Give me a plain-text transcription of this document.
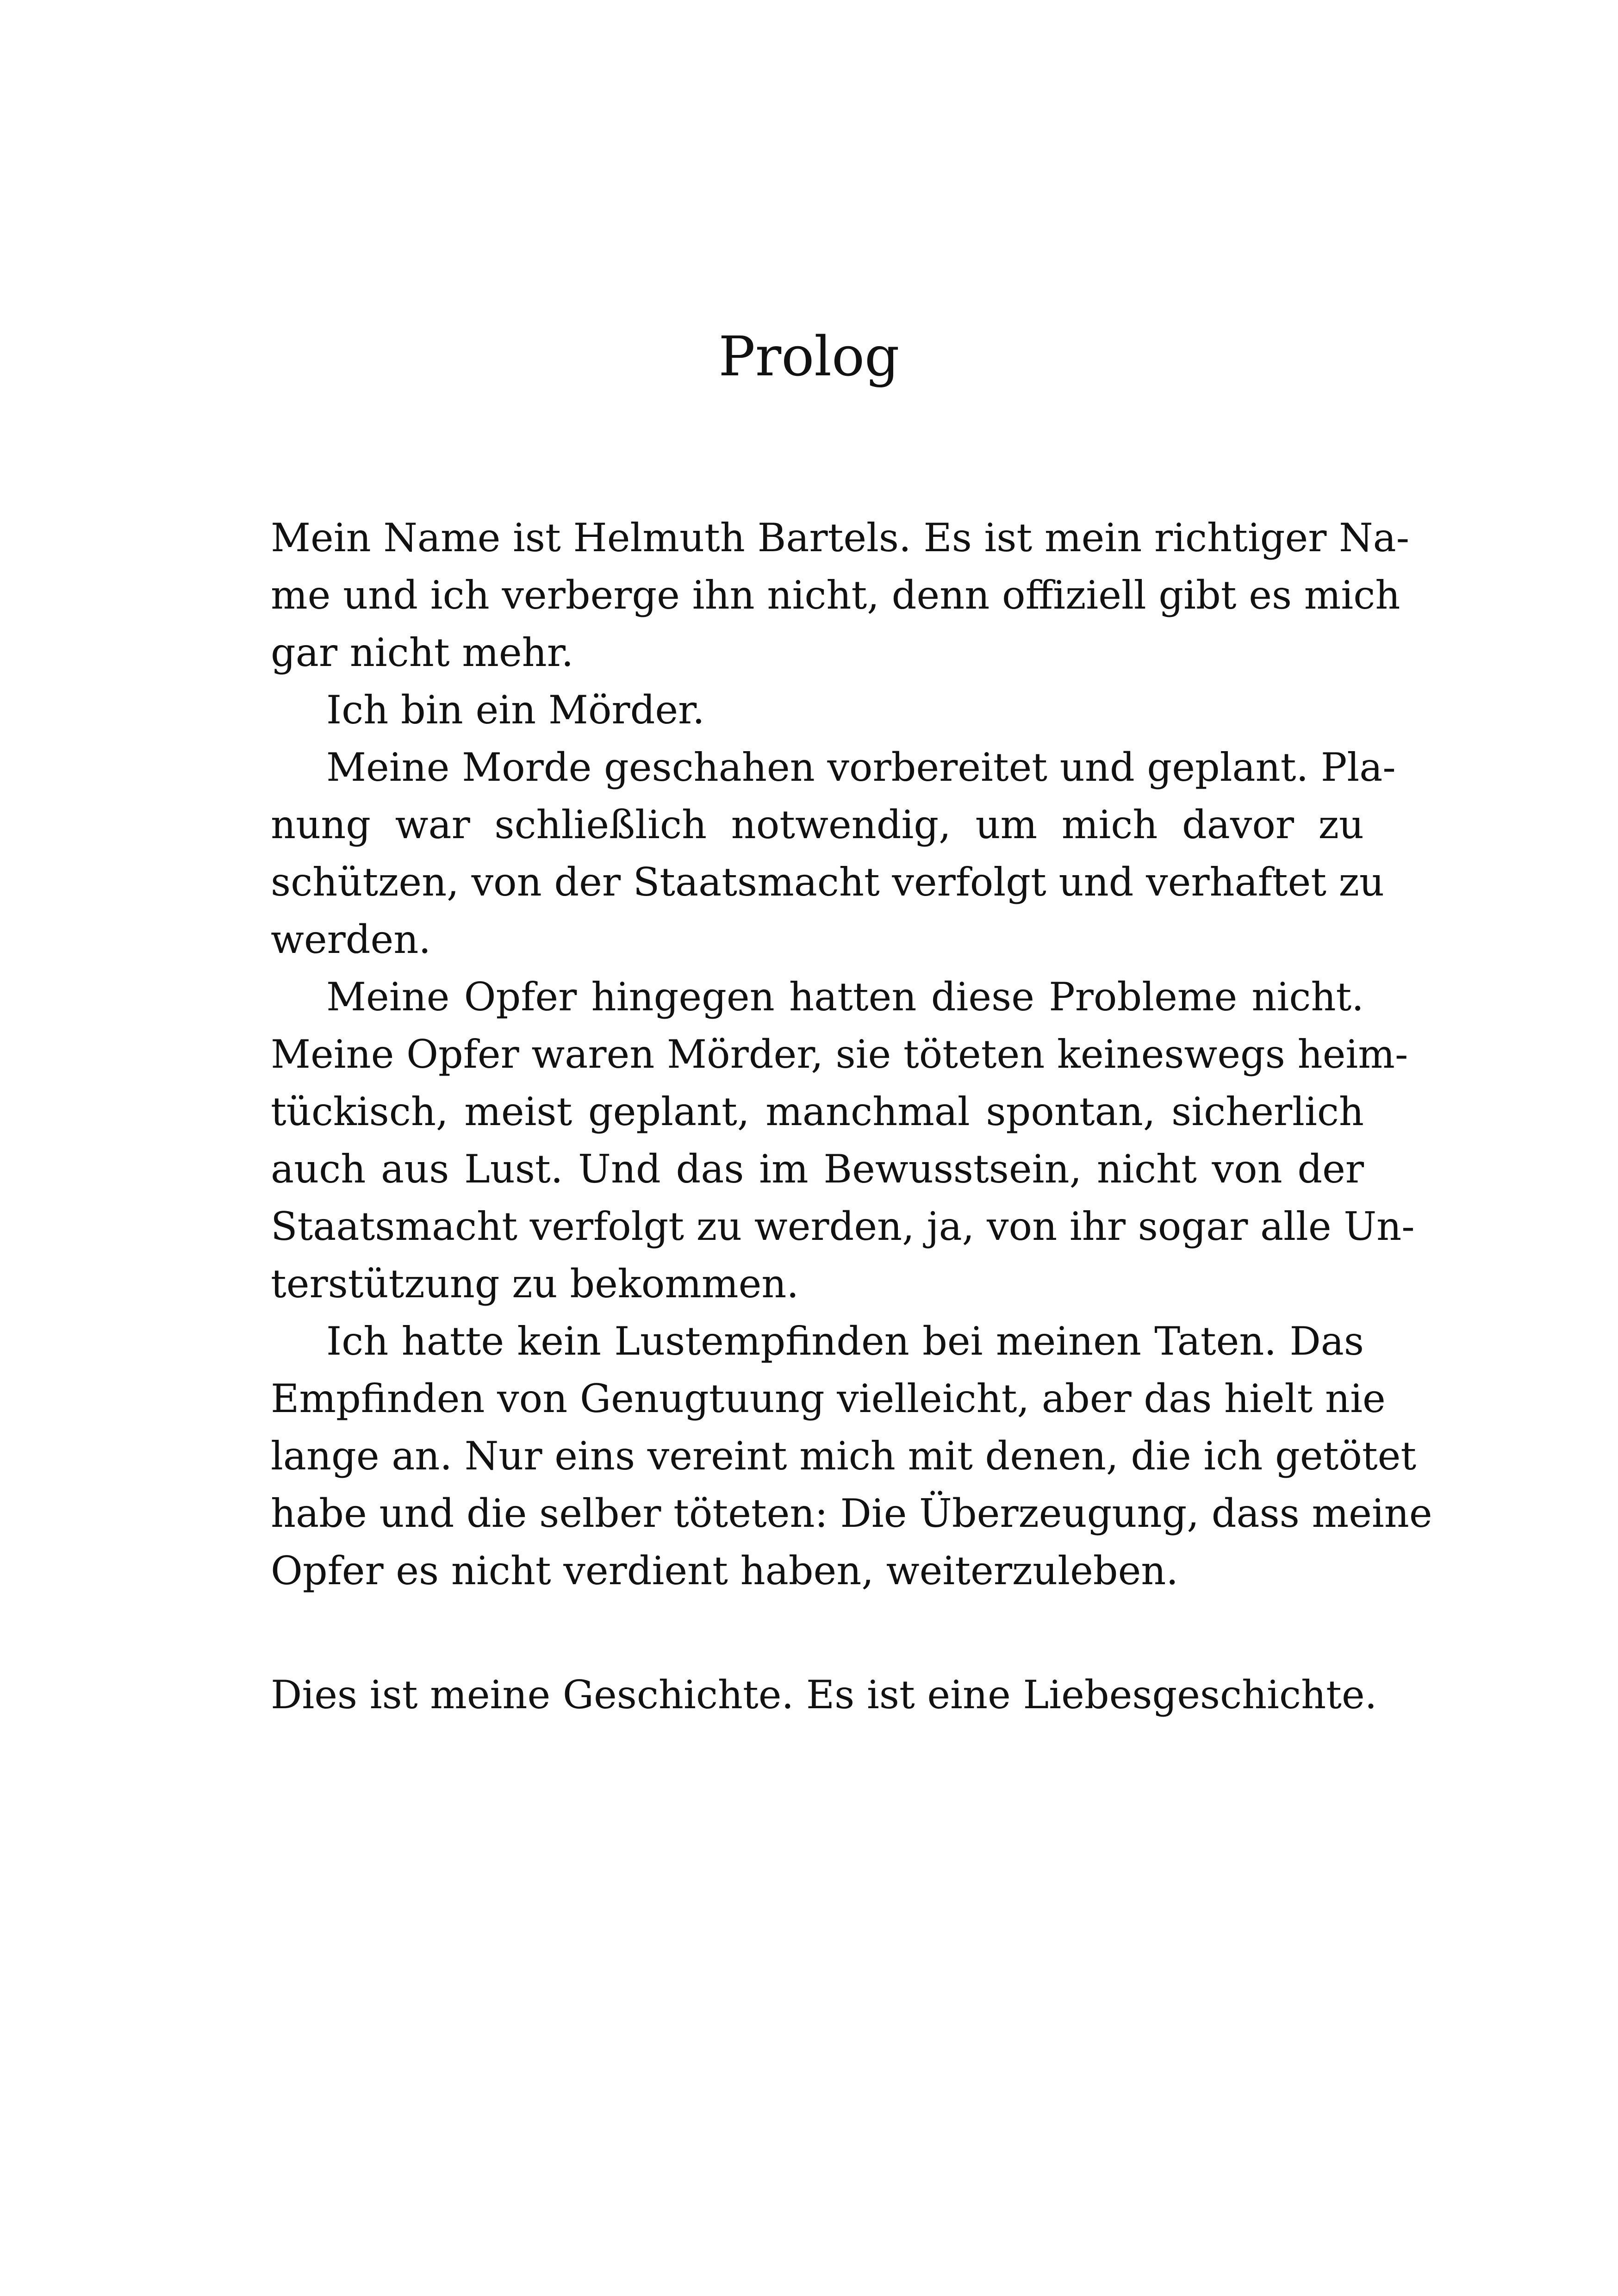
Prolog
Mein Name ist Helmuth Bartels. Es ist mein richtiger Na-
me und ich verberge ihn nicht, denn offiziell gibt es mich
gar nicht mehr.
Ich bin ein Mörder.
Meine Morde geschahen vorbereitet und geplant. Pla-
nung war schließlich notwendig, um mich davor zu
schützen, von der Staatsmacht verfolgt und verhaftet zu
werden.
Meine Opfer hingegen hatten diese Probleme nicht.
Meine Opfer waren Mörder, sie töteten keineswegs heim-
tückisch, meist geplant, manchmal spontan, sicherlich
auch aus Lust. Und das im Bewusstsein, nicht von der
Staatsmacht verfolgt zu werden, ja, von ihr sogar alle Un-
terstützung zu bekommen.
Ich hatte kein Lustempfinden bei meinen Taten. Das
Empfinden von Genugtuung vielleicht, aber das hielt nie
lange an. Nur eins vereint mich mit denen, die ich getötet
habe und die selber töteten: Die Überzeugung, dass meine
Opfer es nicht verdient haben, weiterzuleben.
Dies ist meine Geschichte. Es ist eine Liebesgeschichte.
